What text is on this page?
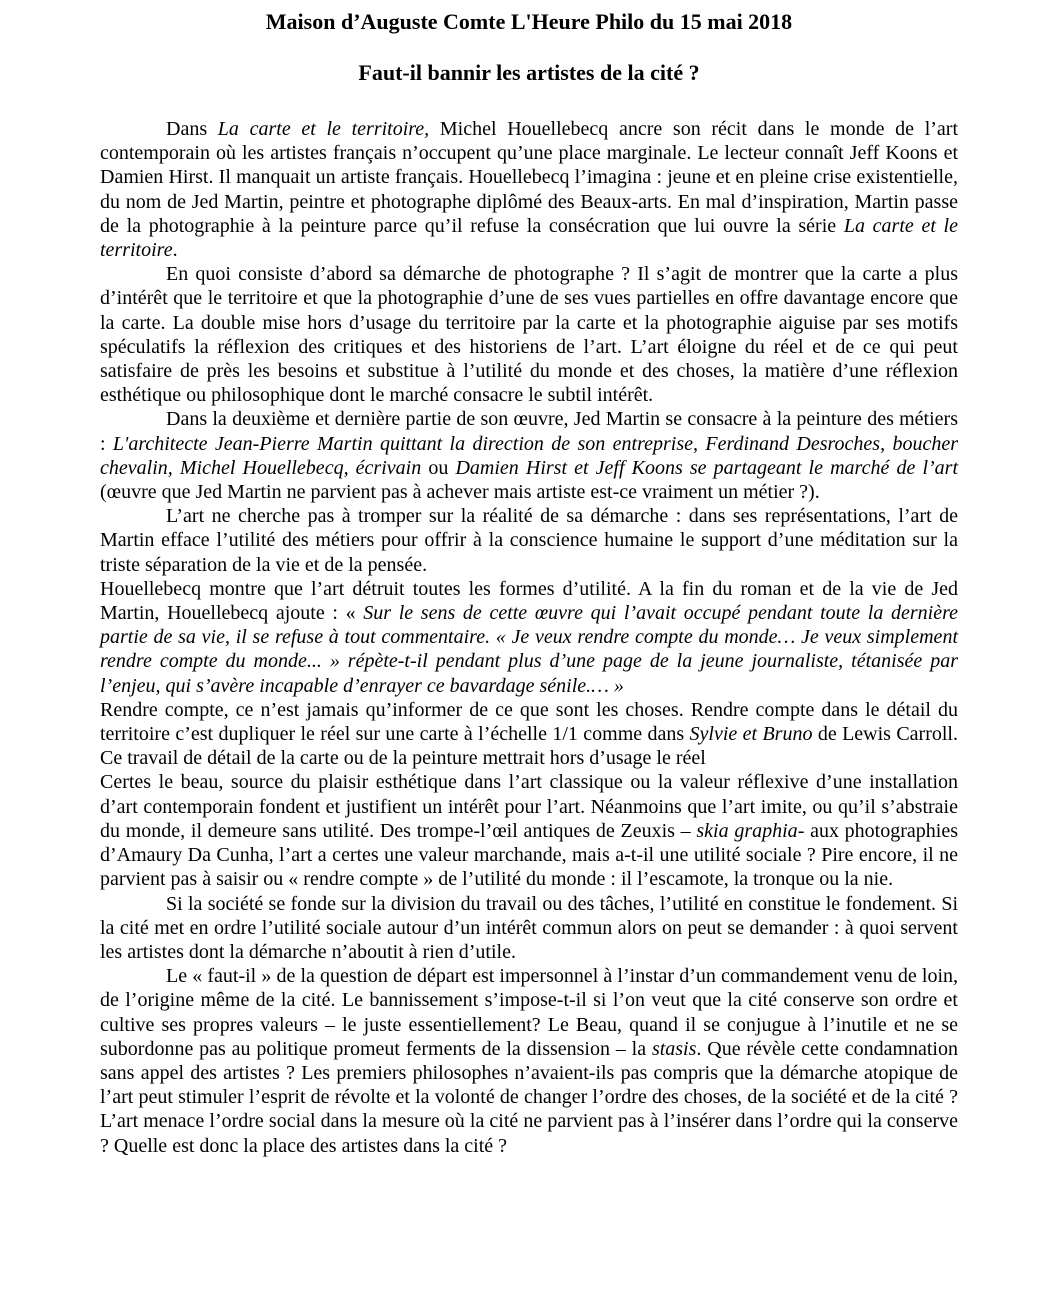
Maison d’Auguste Comte L'Heure Philo du 15 mai 2018
Faut-il bannir les artistes de la cité ?

Dans La carte et le territoire, Michel Houellebecq ancre son récit dans le monde de l’art contemporain où les artistes français n’occupent qu’une place marginale. Le lecteur connaît Jeff Koons et Damien Hirst. Il manquait un artiste français. Houellebecq l’imagina : jeune et en pleine crise existentielle, du nom de Jed Martin, peintre et photographe diplômé des Beaux-arts. En mal d’inspiration, Martin passe de la photographie à la peinture parce qu’il refuse la consécration que lui ouvre la série La carte et le territoire.

En quoi consiste d’abord sa démarche de photographe ? Il s’agit de montrer que la carte a plus d’intérêt que le territoire et que la photographie d’une de ses vues partielles en offre davantage encore que la carte. La double mise hors d’usage du territoire par la carte et la photographie aiguise par ses motifs spéculatifs la réflexion des critiques et des historiens de l’art. L’art éloigne du réel et de ce qui peut satisfaire de près les besoins et substitue à l’utilité du monde et des choses, la matière d’une réflexion esthétique ou philosophique dont le marché consacre le subtil intérêt.

Dans la deuxième et dernière partie de son œuvre, Jed Martin se consacre à la peinture des métiers : L'architecte Jean-Pierre Martin quittant la direction de son entreprise, Ferdinand Desroches, boucher chevalin, Michel Houellebecq, écrivain ou Damien Hirst et Jeff Koons se partageant le marché de l’art (œuvre que Jed Martin ne parvient pas à achever mais artiste est-ce vraiment un métier ?).

L’art ne cherche pas à tromper sur la réalité de sa démarche : dans ses représentations, l’art de Martin efface l’utilité des métiers pour offrir à la conscience humaine le support d’une méditation sur la triste séparation de la vie et de la pensée.

Houellebecq montre que l’art détruit toutes les formes d’utilité. A la fin du roman et de la vie de Jed Martin, Houellebecq ajoute : « Sur le sens de cette œuvre qui l’avait occupé pendant toute la dernière partie de sa vie, il se refuse à tout commentaire. « Je veux rendre compte du monde… Je veux simplement rendre compte du monde... » répète-t-il pendant plus d’une page de la jeune journaliste, tétanisée par l’enjeu, qui s’avère incapable d’enrayer ce bavardage sénile.… »

Rendre compte, ce n’est jamais qu’informer de ce que sont les choses. Rendre compte dans le détail du territoire c’est dupliquer le réel sur une carte à l’échelle 1/1 comme dans Sylvie et Bruno de Lewis Carroll. Ce travail de détail de la carte ou de la peinture mettrait hors d’usage le réel

Certes le beau, source du plaisir esthétique dans l’art classique ou la valeur réflexive d’une installation d’art contemporain fondent et justifient un intérêt pour l’art. Néanmoins que l’art imite, ou qu’il s’abstraie du monde, il demeure sans utilité. Des trompe-l’œil antiques de Zeuxis – skia graphia- aux photographies d’Amaury Da Cunha, l’art a certes une valeur marchande, mais a-t-il une utilité sociale ? Pire encore, il ne parvient pas à saisir ou « rendre compte » de l’utilité du monde : il l’escamote, la tronque ou la nie.

Si la société se fonde sur la division du travail ou des tâches, l’utilité en constitue le fondement. Si la cité met en ordre l’utilité sociale autour d’un intérêt commun alors on peut se demander : à quoi servent les artistes dont la démarche n’aboutit à rien d’utile.

Le « faut-il » de la question de départ est impersonnel à l’instar d’un commandement venu de loin, de l’origine même de la cité. Le bannissement s’impose-t-il si l’on veut que la cité conserve son ordre et cultive ses propres valeurs – le juste essentiellement? Le Beau, quand il se conjugue à l’inutile et ne se subordonne pas au politique promeut ferments de la dissension – la stasis. Que révèle cette condamnation sans appel des artistes ? Les premiers philosophes n’avaient-ils pas compris que la démarche atopique de l’art peut stimuler l’esprit de révolte et la volonté de changer l’ordre des choses, de la société et de la cité ? L’art menace l’ordre social dans la mesure où la cité ne parvient pas à l’insérer dans l’ordre qui la conserve ? Quelle est donc la place des artistes dans la cité ?
